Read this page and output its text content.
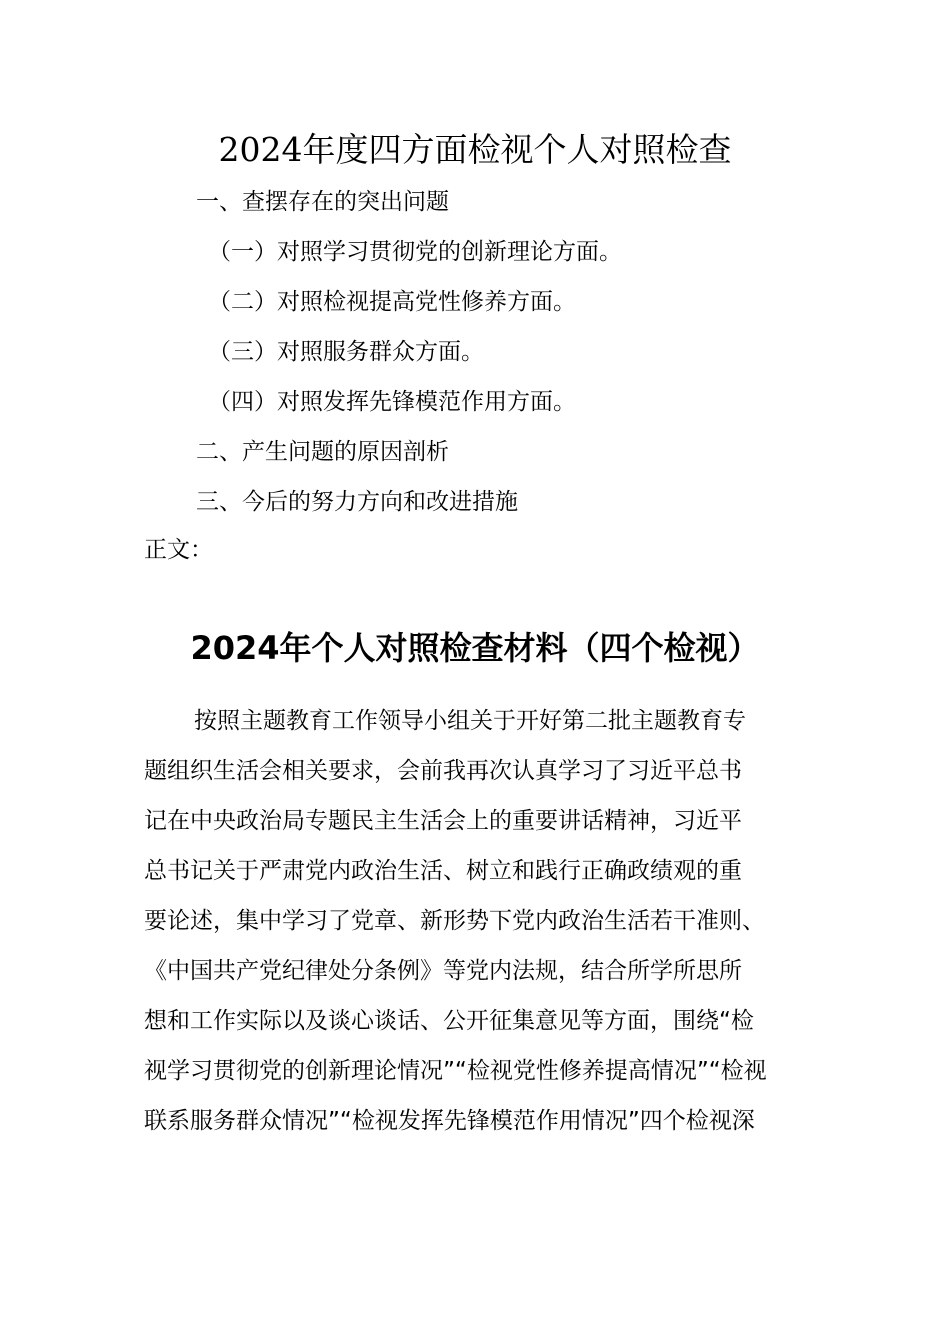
2024年度四方面检视个人对照检查
一、查摆存在的突出问题
（一）对照学习贯彻党的创新理论方面。
（二）对照检视提高党性修养方面。
（三）对照服务群众方面。
（四）对照发挥先锋模范作用方面。
二、产生问题的原因剖析
三、今后的努力方向和改进措施

正文：

2024年个人对照检查材料（四个检视）
按照主题教育工作领导小组关于开好第二批主题教育专
题组织生活会相关要求，会前我再次认真学习了习近平总书
记在中央政治局专题民主生活会上的重要讲话精神，习近平
总书记关于严肃党内政治生活、树立和践行正确政绩观的重
要论述，集中学习了党章、新形势下党内政治生活若干准则、
《中国共产党纪律处分条例》等党内法规，结合所学所思所
想和工作实际以及谈心谈话、公开征集意见等方面，围绕“检
视学习贯彻党的创新理论情况”“检视党性修养提高情况”“检视
联系服务群众情况”“检视发挥先锋模范作用情况”四个检视深
